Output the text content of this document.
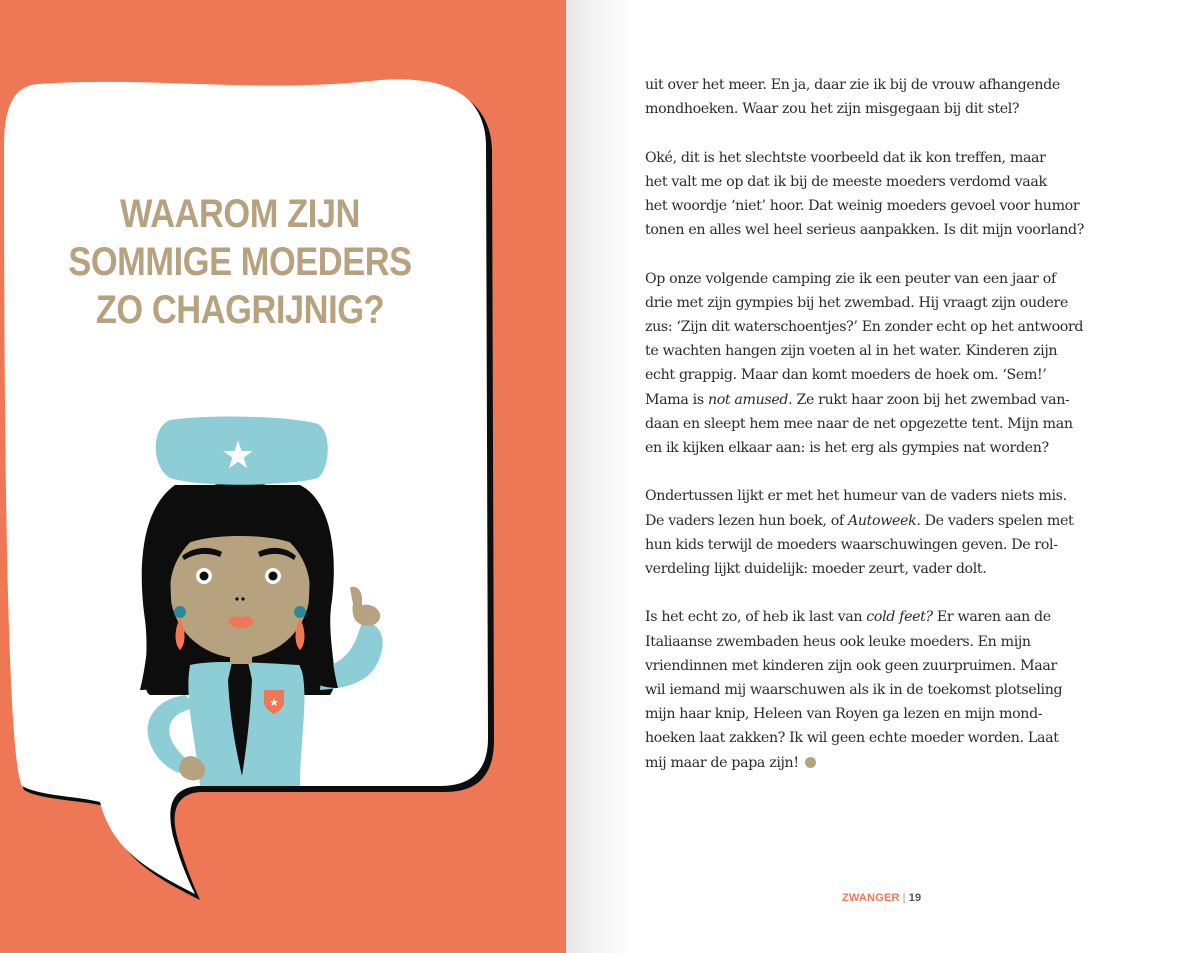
★
★
WAAROM ZIJN
SOMMIGE MOEDERS
ZO CHAGRIJNIG?

uit over het meer. En ja, daar zie ik bij de vrouw afhangende
mondhoeken. Waar zou het zijn misgegaan bij dit stel?

Oké, dit is het slechtste voorbeeld dat ik kon treffen, maar
het valt me op dat ik bij de meeste moeders verdomd vaak
het woordje ‘niet’ hoor. Dat weinig moeders gevoel voor humor
tonen en alles wel heel serieus aanpakken. Is dit mijn voorland?

Op onze volgende camping zie ik een peuter van een jaar of
drie met zijn gympies bij het zwembad. Hij vraagt zijn oudere
zus: ‘Zijn dit waterschoentjes?’ En zonder echt op het antwoord
te wachten hangen zijn voeten al in het water. Kinderen zijn
echt grappig. Maar dan komt moeders de hoek om. ‘Sem!’
Mama is not amused. Ze rukt haar zoon bij het zwembad van-
daan en sleept hem mee naar de net opgezette tent. Mijn man
en ik kijken elkaar aan: is het erg als gympies nat worden?

Ondertussen lijkt er met het humeur van de vaders niets mis.
De vaders lezen hun boek, of Autoweek. De vaders spelen met
hun kids terwijl de moeders waarschuwingen geven. De rol-
verdeling lijkt duidelijk: moeder zeurt, vader dolt.

Is het echt zo, of heb ik last van cold feet? Er waren aan de
Italiaanse zwembaden heus ook leuke moeders. En mijn
vriendinnen met kinderen zijn ook geen zuurpruimen. Maar
wil iemand mij waarschuwen als ik in de toekomst plotseling
mijn haar knip, Heleen van Royen ga lezen en mijn mond-
hoeken laat zakken? Ik wil geen echte moeder worden. Laat
mij maar de papa zijn!

ZWANGER | 19
